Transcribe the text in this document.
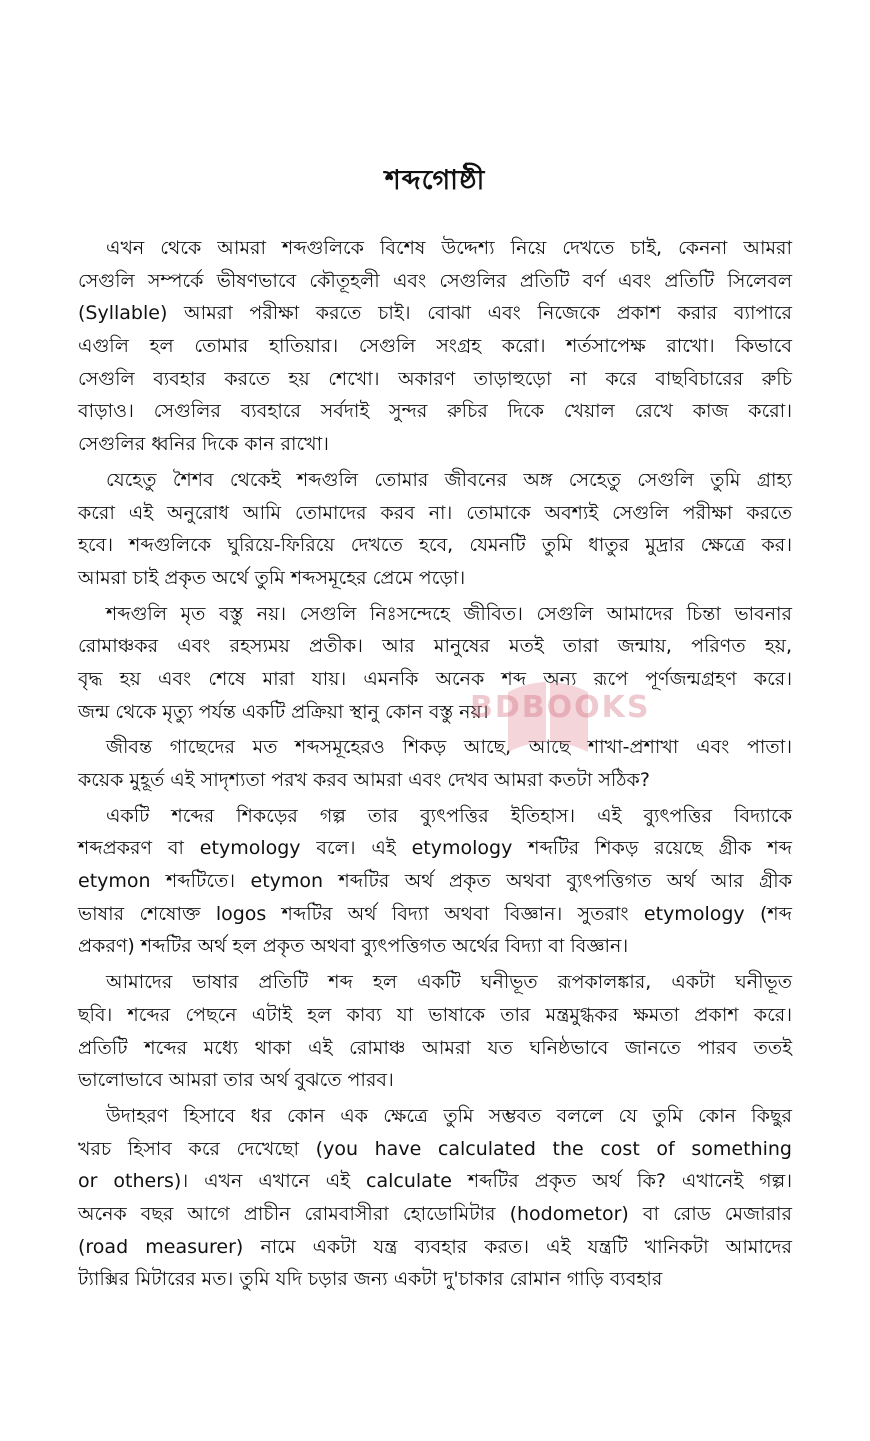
শব্দগোষ্ঠী
এখন থেকে আমরা শব্দগুলিকে বিশেষ উদ্দেশ্য নিয়ে দেখতে চাই, কেননা আমরা
সেগুলি সম্পর্কে ভীষণভাবে কৌতূহলী এবং সেগুলির প্রতিটি বর্ণ এবং প্রতিটি সিলেবল
(Syllable) আমরা পরীক্ষা করতে চাই। বোঝা এবং নিজেকে প্রকাশ করার ব্যাপারে
এগুলি হল তোমার হাতিয়ার। সেগুলি সংগ্রহ করো। শর্তসাপেক্ষ রাখো। কিভাবে
সেগুলি ব্যবহার করতে হয় শেখো। অকারণ তাড়াহুড়ো না করে বাছবিচারের রুচি
বাড়াও। সেগুলির ব্যবহারে সর্বদাই সুন্দর রুচির দিকে খেয়াল রেখে কাজ করো।
সেগুলির ধ্বনির দিকে কান রাখো।
যেহেতু শৈশব থেকেই শব্দগুলি তোমার জীবনের অঙ্গ সেহেতু সেগুলি তুমি গ্রাহ্য
করো এই অনুরোধ আমি তোমাদের করব না। তোমাকে অবশ্যই সেগুলি পরীক্ষা করতে
হবে। শব্দগুলিকে ঘুরিয়ে-ফিরিয়ে দেখতে হবে, যেমনটি তুমি ধাতুর মুদ্রার ক্ষেত্রে কর।
আমরা চাই প্রকৃত অর্থে তুমি শব্দসমূহের প্রেমে পড়ো।
শব্দগুলি মৃত বস্তু নয়। সেগুলি নিঃসন্দেহে জীবিত। সেগুলি আমাদের চিন্তা ভাবনার
রোমাঞ্চকর এবং রহস্যময় প্রতীক। আর মানুষের মতই তারা জন্মায়, পরিণত হয়,
বৃদ্ধ হয় এবং শেষে মারা যায়। এমনকি অনেক শব্দ অন্য রূপে পূর্ণজন্মগ্রহণ করে।
জন্ম থেকে মৃত্যু পর্যন্ত একটি প্রক্রিয়া স্থানু কোন বস্তু নয়।
জীবন্ত গাছেদের মত শব্দসমূহেরও শিকড় আছে, আছে শাখা-প্রশাখা এবং পাতা।
কয়েক মুহূর্ত এই সাদৃশ্যতা পরখ করব আমরা এবং দেখব আমরা কতটা সঠিক?
একটি শব্দের শিকড়ের গল্প তার ব্যুৎপত্তির ইতিহাস। এই ব্যুৎপত্তির বিদ্যাকে
শব্দপ্রকরণ বা etymology বলে। এই etymology শব্দটির শিকড় রয়েছে গ্রীক শব্দ
etymon শব্দটিতে। etymon শব্দটির অর্থ প্রকৃত অথবা ব্যুৎপত্তিগত অর্থ আর গ্রীক
ভাষার শেষোক্ত logos শব্দটির অর্থ বিদ্যা অথবা বিজ্ঞান। সুতরাং etymology (শব্দ
প্রকরণ) শব্দটির অর্থ হল প্রকৃত অথবা ব্যুৎপত্তিগত অর্থের বিদ্যা বা বিজ্ঞান।
আমাদের ভাষার প্রতিটি শব্দ হল একটি ঘনীভূত রূপকালঙ্কার, একটা ঘনীভূত
ছবি। শব্দের পেছনে এটাই হল কাব্য যা ভাষাকে তার মন্ত্রমুগ্ধকর ক্ষমতা প্রকাশ করে।
প্রতিটি শব্দের মধ্যে থাকা এই রোমাঞ্চ আমরা যত ঘনিষ্ঠভাবে জানতে পারব ততই
ভালোভাবে আমরা তার অর্থ বুঝতে পারব।
উদাহরণ হিসাবে ধর কোন এক ক্ষেত্রে তুমি সম্ভবত বললে যে তুমি কোন কিছুর
খরচ হিসাব করে দেখেছো (you have calculated the cost of something
or others)। এখন এখানে এই calculate শব্দটির প্রকৃত অর্থ কি? এখানেই গল্প।
অনেক বছর আগে প্রাচীন রোমবাসীরা হোডোমিটার (hodometor) বা রোড মেজারার
(road measurer) নামে একটা যন্ত্র ব্যবহার করত। এই যন্ত্রটি খানিকটা আমাদের
ট্যাক্সির মিটারের মত। তুমি যদি চড়ার জন্য একটা দু'চাকার রোমান গাড়ি ব্যবহার
BDBOOKS
